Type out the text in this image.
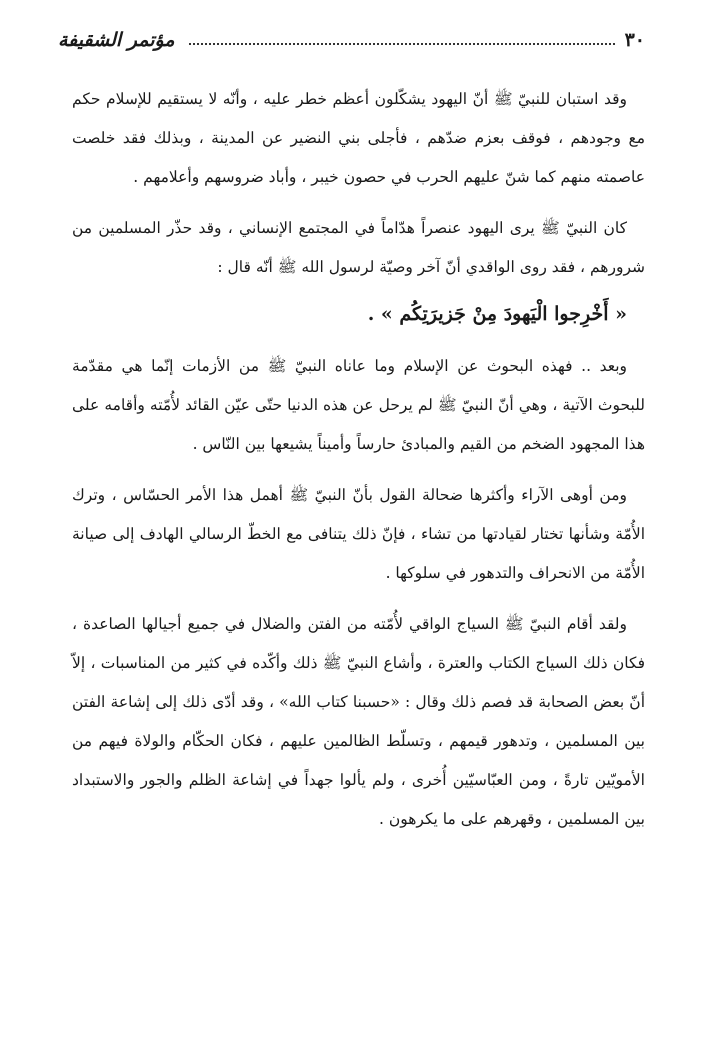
٣٠
مؤتمر الشقيفة

وقد استبان للنبيّ ﷺ أنّ اليهود يشكّلون أعظم خطر عليه ، وأنّه لا يستقيم للإسلام حكم مع وجودهم ، فوقف بعزم ضدّهم ، فأجلى بني النضير عن المدينة ، وبذلك فقد خلصت عاصمته منهم كما شنّ عليهم الحرب في حصون خيبر ، وأباد ضروسهم وأعلامهم .

كان النبيّ ﷺ يرى اليهود عنصراً هدّاماً في المجتمع الإنساني ، وقد حذّر المسلمين من شرورهم ، فقد روى الواقدي أنّ آخر وصيّة لرسول الله ﷺ أنّه قال :

« أَخْرِجوا الْيَهودَ مِنْ جَزيرَتِكُم » .

وبعد .. فهذه البحوث عن الإسلام وما عاناه النبيّ ﷺ من الأزمات إنّما هي مقدّمة للبحوث الآتية ، وهي أنّ النبيّ ﷺ لم يرحل عن هذه الدنيا حتّى عيّن القائد لأُمّته وأقامه على هذا المجهود الضخم من القيم والمبادئ حارساً وأميناً يشيعها بين النّاس .

ومن أوهى الآراء وأكثرها ضحالة القول بأنّ النبيّ ﷺ أهمل هذا الأمر الحسّاس ، وترك الأُمّة وشأنها تختار لقيادتها من تشاء ، فإنّ ذلك يتنافى مع الخطّ الرسالي الهادف إلى صيانة الأُمّة من الانحراف والتدهور في سلوكها .

ولقد أقام النبيّ ﷺ السياج الواقي لأُمّته من الفتن والضلال في جميع أجيالها الصاعدة ، فكان ذلك السياج الكتاب والعترة ، وأشاع النبيّ ﷺ ذلك وأكّده في كثير من المناسبات ، إلاّ أنّ بعض الصحابة قد فصم ذلك وقال : «حسبنا كتاب الله» ، وقد أدّى ذلك إلى إشاعة الفتن بين المسلمين ، وتدهور قيمهم ، وتسلّط الظالمين عليهم ، فكان الحكّام والولاة فيهم من الأمويّين تارةً ، ومن العبّاسيّين أُخرى ، ولم يألوا جهداً في إشاعة الظلم والجور والاستبداد بين المسلمين ، وقهرهم على ما يكرهون .
